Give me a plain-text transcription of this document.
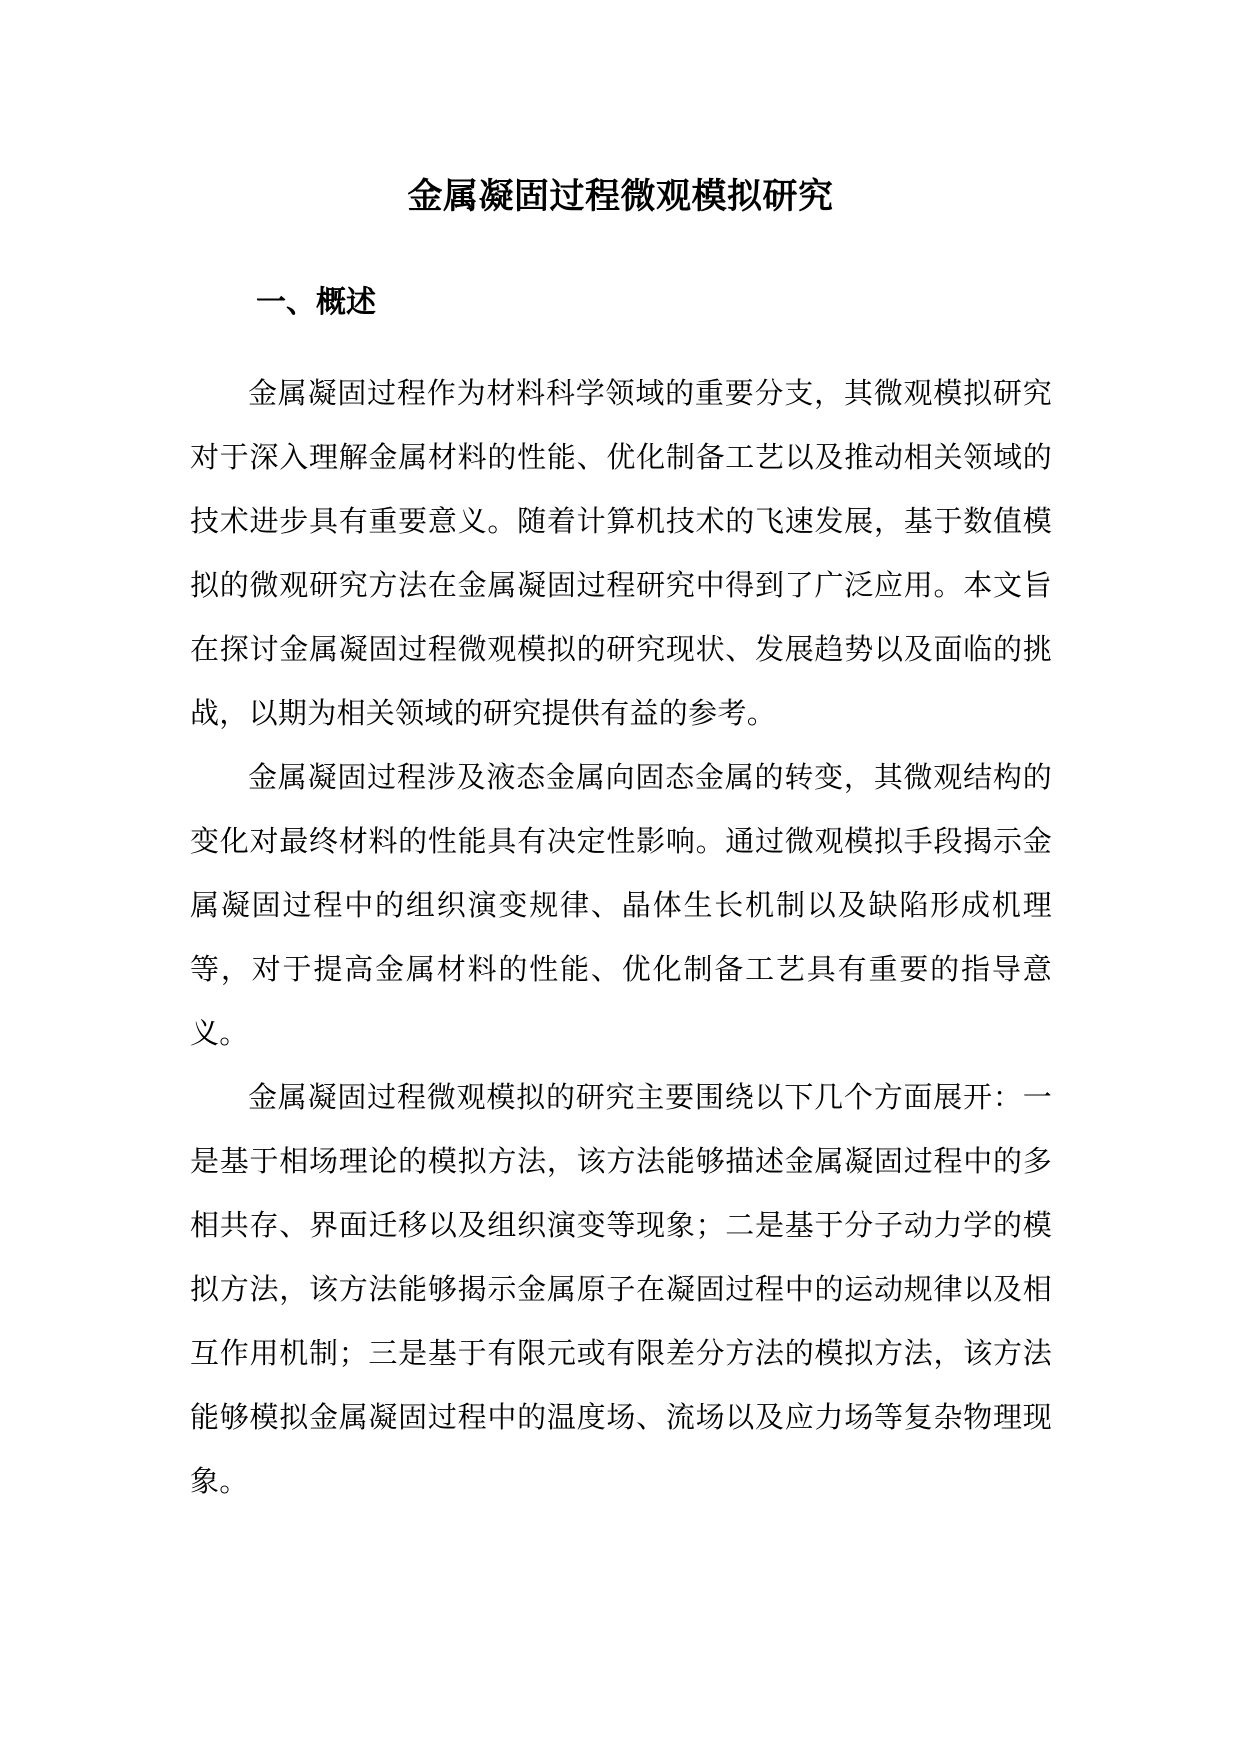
金属凝固过程微观模拟研究
一、概述

金属凝固过程作为材料科学领域的重要分支，其微观模拟研究对于深入理解金属材料的性能、优化制备工艺以及推动相关领域的技术进步具有重要意义。随着计算机技术的飞速发展，基于数值模拟的微观研究方法在金属凝固过程研究中得到了广泛应用。本文旨在探讨金属凝固过程微观模拟的研究现状、发展趋势以及面临的挑战，以期为相关领域的研究提供有益的参考。

金属凝固过程涉及液态金属向固态金属的转变，其微观结构的变化对最终材料的性能具有决定性影响。通过微观模拟手段揭示金属凝固过程中的组织演变规律、晶体生长机制以及缺陷形成机理等，对于提高金属材料的性能、优化制备工艺具有重要的指导意义。

金属凝固过程微观模拟的研究主要围绕以下几个方面展开：一是基于相场理论的模拟方法，该方法能够描述金属凝固过程中的多相共存、界面迁移以及组织演变等现象；二是基于分子动力学的模拟方法，该方法能够揭示金属原子在凝固过程中的运动规律以及相互作用机制；三是基于有限元或有限差分方法的模拟方法，该方法能够模拟金属凝固过程中的温度场、流场以及应力场等复杂物理现象。
